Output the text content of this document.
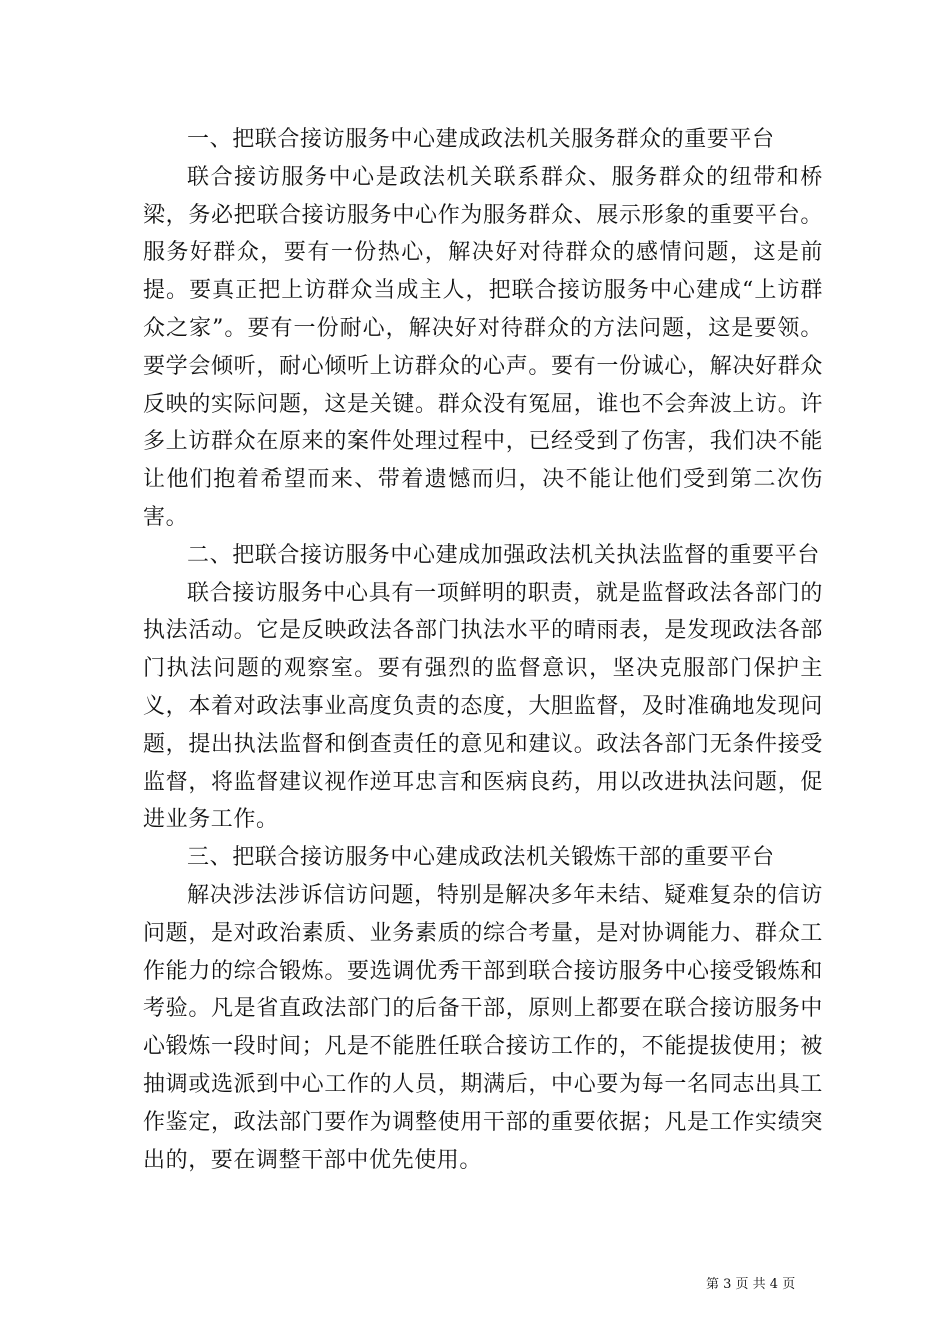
一、把联合接访服务中心建成政法机关服务群众的重要平台

联合接访服务中心是政法机关联系群众、服务群众的纽带和桥梁，务必把联合接访服务中心作为服务群众、展示形象的重要平台。服务好群众，要有一份热心，解决好对待群众的感情问题，这是前提。要真正把上访群众当成主人，把联合接访服务中心建成“上访群众之家”。要有一份耐心，解决好对待群众的方法问题，这是要领。要学会倾听，耐心倾听上访群众的心声。要有一份诚心，解决好群众反映的实际问题，这是关键。群众没有冤屈，谁也不会奔波上访。许多上访群众在原来的案件处理过程中，已经受到了伤害，我们决不能让他们抱着希望而来、带着遗憾而归，决不能让他们受到第二次伤害。

二、把联合接访服务中心建成加强政法机关执法监督的重要平台

联合接访服务中心具有一项鲜明的职责，就是监督政法各部门的执法活动。它是反映政法各部门执法水平的晴雨表，是发现政法各部门执法问题的观察室。要有强烈的监督意识，坚决克服部门保护主义，本着对政法事业高度负责的态度，大胆监督，及时准确地发现问题，提出执法监督和倒查责任的意见和建议。政法各部门无条件接受监督，将监督建议视作逆耳忠言和医病良药，用以改进执法问题，促进业务工作。

三、把联合接访服务中心建成政法机关锻炼干部的重要平台

解决涉法涉诉信访问题，特别是解决多年未结、疑难复杂的信访问题，是对政治素质、业务素质的综合考量，是对协调能力、群众工作能力的综合锻炼。要选调优秀干部到联合接访服务中心接受锻炼和考验。凡是省直政法部门的后备干部，原则上都要在联合接访服务中心锻炼一段时间；凡是不能胜任联合接访工作的，不能提拔使用；被抽调或选派到中心工作的人员，期满后，中心要为每一名同志出具工作鉴定，政法部门要作为调整使用干部的重要依据；凡是工作实绩突出的，要在调整干部中优先使用。

第 3 页 共 4 页
